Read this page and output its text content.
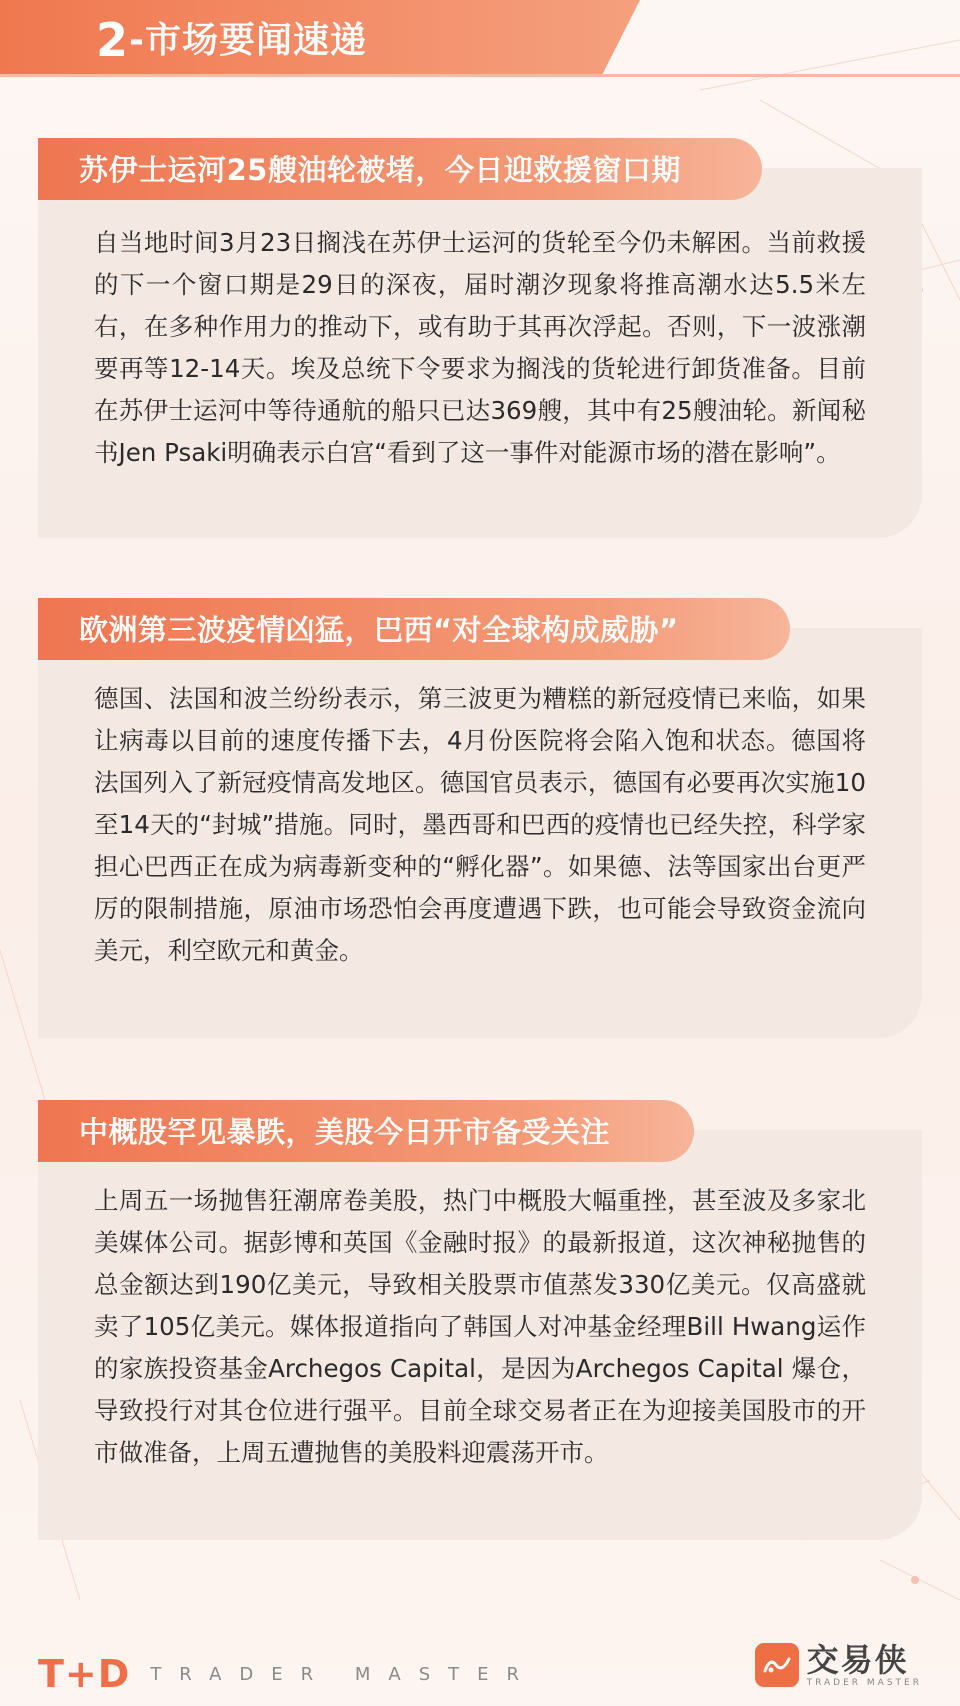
2-市场要闻速递
自当地时间3月23日搁浅在苏伊士运河的货轮至今仍未解困。当前救援的下一个窗口期是29日的深夜，届时潮汐现象将推高潮水达5.5米左右，在多种作用力的推动下，或有助于其再次浮起。否则，下一波涨潮要再等12-14天。埃及总统下令要求为搁浅的货轮进行卸货准备。目前在苏伊士运河中等待通航的船只已达369艘，其中有25艘油轮。新闻秘书Jen Psaki明确表示白宫“看到了这一事件对能源市场的潜在影响”。
苏伊士运河25艘油轮被堵，今日迎救援窗口期
德国、法国和波兰纷纷表示，第三波更为糟糕的新冠疫情已来临，如果让病毒以目前的速度传播下去，4月份医院将会陷入饱和状态。德国将法国列入了新冠疫情高发地区。德国官员表示，德国有必要再次实施10至14天的“封城”措施。同时，墨西哥和巴西的疫情也已经失控，科学家担心巴西正在成为病毒新变种的“孵化器”。如果德、法等国家出台更严厉的限制措施，原油市场恐怕会再度遭遇下跌，也可能会导致资金流向美元，利空欧元和黄金。
欧洲第三波疫情凶猛，巴西“对全球构成威胁”
上周五一场抛售狂潮席卷美股，热门中概股大幅重挫，甚至波及多家北美媒体公司。据彭博和英国《金融时报》的最新报道，这次神秘抛售的总金额达到190亿美元，导致相关股票市值蒸发330亿美元。仅高盛就卖了105亿美元。媒体报道指向了韩国人对冲基金经理Bill Hwang运作的家族投资基金Archegos Capital，是因为Archegos Capital 爆仓，导致投行对其仓位进行强平。目前全球交易者正在为迎接美国股市的开市做准备，上周五遭抛售的美股料迎震荡开市。
中概股罕见暴跌，美股今日开市备受关注
T+D TRADER MASTER	交易侠
TRADER MASTER
